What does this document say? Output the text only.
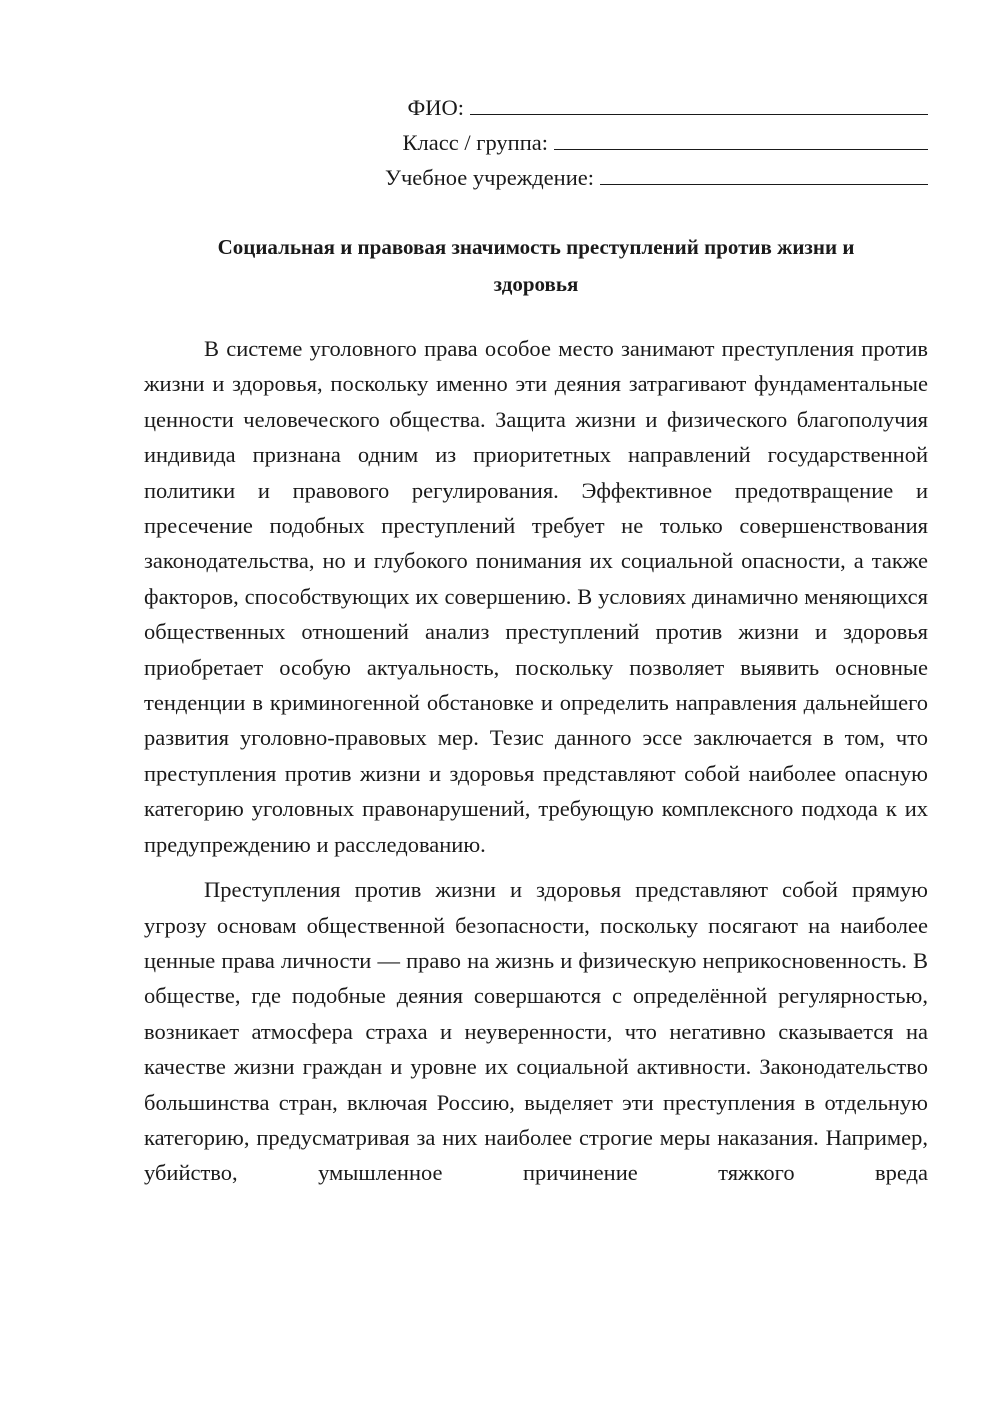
ФИО:
Класс / группа:
Учебное учреждение:
Социальная и правовая значимость преступлений против жизни и
здоровья

В системе уголовного права особое место занимают преступления против жизни и здоровья, поскольку именно эти деяния затрагивают фундаментальные ценности человеческого общества. Защита жизни и физического благополучия индивида признана одним из приоритетных направлений государственной политики и правового регулирования. Эффективное предотвращение и пресечение подобных преступлений требует не только совершенствования законодательства, но и глубокого понимания их социальной опасности, а также факторов, способствующих их совершению. В условиях динамично меняющихся общественных отношений анализ преступлений против жизни и здоровья приобретает особую актуальность, поскольку позволяет выявить основные тенденции в криминогенной обстановке и определить направления дальнейшего развития уголовно-правовых мер. Тезис данного эссе заключается в том, что преступления против жизни и здоровья представляют собой наиболее опасную категорию уголовных правонарушений, требующую комплексного подхода к их предупреждению и расследованию.

Преступления против жизни и здоровья представляют собой прямую угрозу основам общественной безопасности, поскольку посягают на наиболее ценные права личности — право на жизнь и физическую неприкосновенность. В обществе, где подобные деяния совершаются с определённой регулярностью, возникает атмосфера страха и неуверенности, что негативно сказывается на качестве жизни граждан и уровне их социальной активности. Законодательство большинства стран, включая Россию, выделяет эти преступления в отдельную категорию, предусматривая за них наиболее строгие меры наказания. Например, убийство, умышленное причинение тяжкого вреда
